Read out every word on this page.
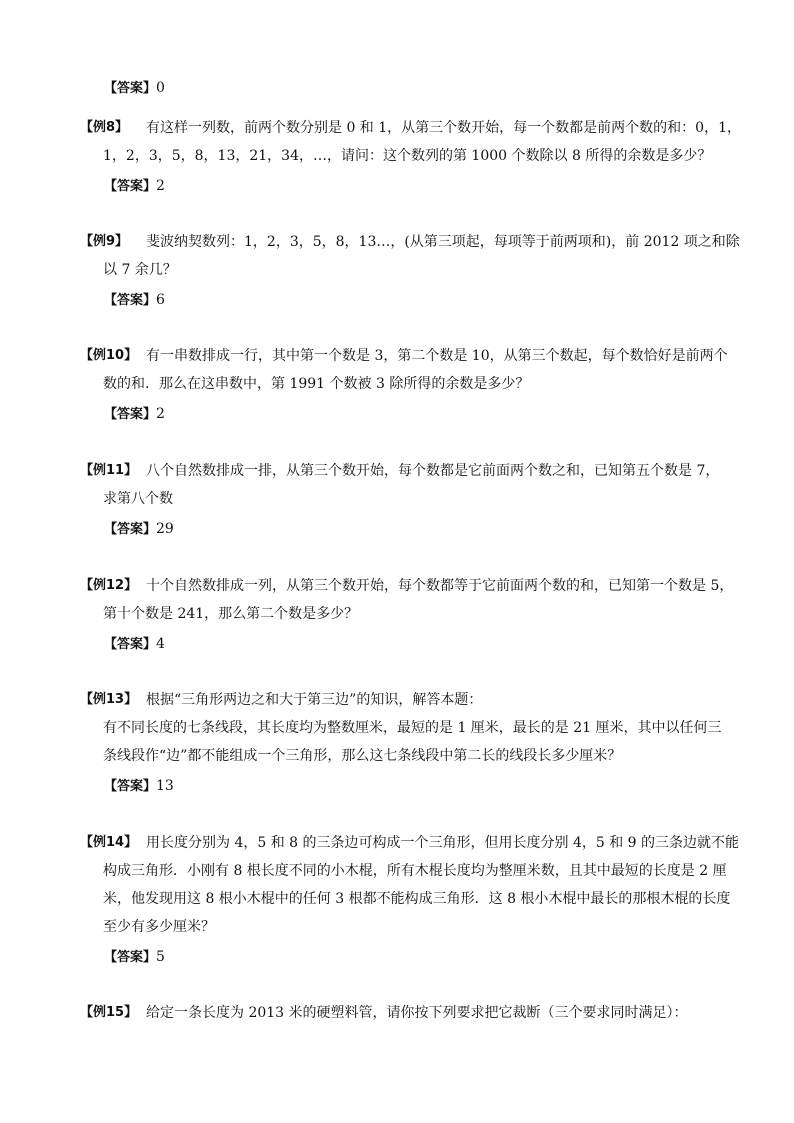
【答案】0
【例8】 有这样一列数，前两个数分别是 0 和 1，从第三个数开始，每一个数都是前两个数的和：0，1，
1，2，3，5，8，13，21，34，…，请问：这个数列的第 1000 个数除以 8 所得的余数是多少？
【答案】2
【例9】 斐波纳契数列：1，2，3，5，8，13…，(从第三项起，每项等于前两项和)，前 2012 项之和除
以 7 余几？
【答案】6
【例10】 有一串数排成一行，其中第一个数是 3，第二个数是 10，从第三个数起，每个数恰好是前两个
数的和．那么在这串数中，第 1991 个数被 3 除所得的余数是多少？
【答案】2
【例11】 八个自然数排成一排，从第三个数开始，每个数都是它前面两个数之和，已知第五个数是 7，
求第八个数
【答案】29
【例12】 十个自然数排成一列，从第三个数开始，每个数都等于它前面两个数的和，已知第一个数是 5，
第十个数是 241，那么第二个数是多少？
【答案】4
【例13】 根据“三角形两边之和大于第三边”的知识，解答本题：
有不同长度的七条线段，其长度均为整数厘米，最短的是 1 厘米，最长的是 21 厘米，其中以任何三
条线段作“边”都不能组成一个三角形，那么这七条线段中第二长的线段长多少厘米？
【答案】13
【例14】 用长度分别为 4，5 和 8 的三条边可构成一个三角形，但用长度分别 4，5 和 9 的三条边就不能
构成三角形．小刚有 8 根长度不同的小木棍，所有木棍长度均为整厘米数，且其中最短的长度是 2 厘
米，他发现用这 8 根小木棍中的任何 3 根都不能构成三角形．这 8 根小木棍中最长的那根木棍的长度
至少有多少厘米？
【答案】5
【例15】 给定一条长度为 2013 米的硬塑料管，请你按下列要求把它裁断（三个要求同时满足）：
